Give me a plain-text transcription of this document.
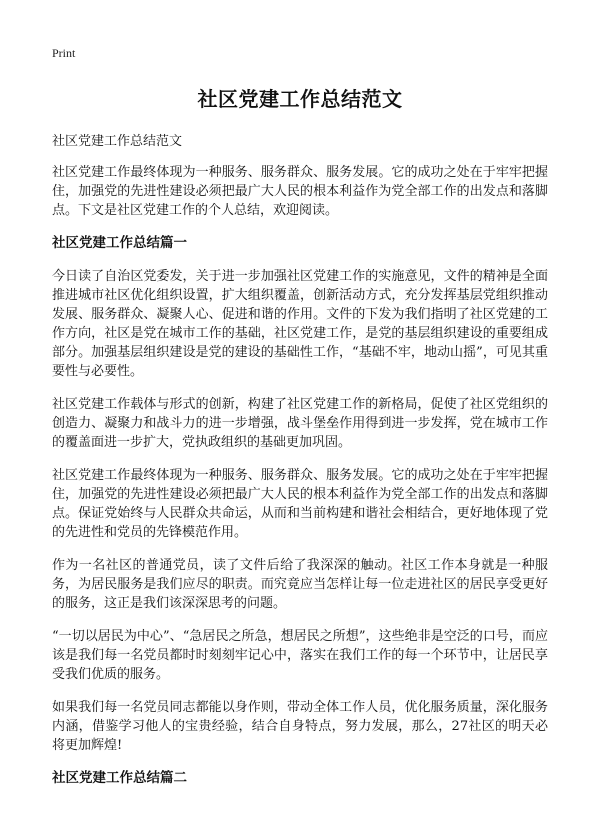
Print
社区党建工作总结范文
社区党建工作总结范文

社区党建工作最终体现为一种服务、服务群众、服务发展。它的成功之处在于牢牢把握住，加强党的先进性建设必须把最广大人民的根本利益作为党全部工作的出发点和落脚点。下文是社区党建工作的个人总结，欢迎阅读。

社区党建工作总结篇一

今日读了自治区党委发，关于进一步加强社区党建工作的实施意见，文件的精神是全面推进城市社区优化组织设置，扩大组织覆盖，创新活动方式，充分发挥基层党组织推动发展、服务群众、凝聚人心、促进和谐的作用。文件的下发为我们指明了社区党建的工作方向，社区是党在城市工作的基础，社区党建工作，是党的基层组织建设的重要组成部分。加强基层组织建设是党的建设的基础性工作，“基础不牢，地动山摇”，可见其重要性与必要性。

社区党建工作载体与形式的创新，构建了社区党建工作的新格局，促使了社区党组织的创造力、凝聚力和战斗力的进一步增强，战斗堡垒作用得到进一步发挥，党在城市工作的覆盖面进一步扩大，党执政组织的基础更加巩固。

社区党建工作最终体现为一种服务、服务群众、服务发展。它的成功之处在于牢牢把握住，加强党的先进性建设必须把最广大人民的根本利益作为党全部工作的出发点和落脚点。保证党始终与人民群众共命运，从而和当前构建和谐社会相结合，更好地体现了党的先进性和党员的先锋模范作用。

作为一名社区的普通党员，读了文件后给了我深深的触动。社区工作本身就是一种服务，为居民服务是我们应尽的职责。而究竟应当怎样让每一位走进社区的居民享受更好的服务，这正是我们该深深思考的问题。

“一切以居民为中心”、“急居民之所急，想居民之所想”，这些绝非是空泛的口号，而应该是我们每一名党员都时时刻刻牢记心中，落实在我们工作的每一个环节中，让居民享受我们优质的服务。

如果我们每一名党员同志都能以身作则，带动全体工作人员，优化服务质量，深化服务内涵，借鉴学习他人的宝贵经验，结合自身特点，努力发展，那么，27社区的明天必将更加辉煌!

社区党建工作总结篇二
